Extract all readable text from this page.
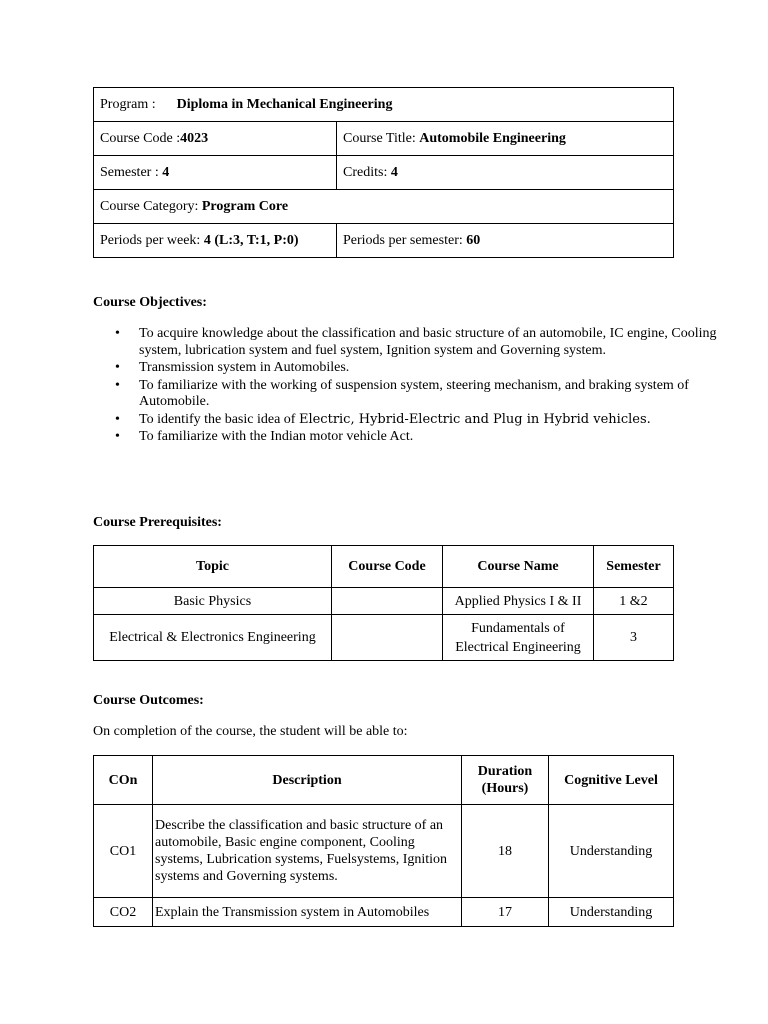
Program : Diploma in Mechanical Engineering	
Course Code :4023	Course Title: Automobile Engineering
Semester : 4	Credits: 4
Course Category: Program Core	
Periods per week: 4 (L:3, T:1, P:0)	Periods per semester: 60
Course Objectives:
• To acquire knowledge about the classification and basic structure of an automobile, IC engine, Cooling system, lubrication system and fuel system, Ignition system and Governing system.
• Transmission system in Automobiles.
• To familiarize with the working of suspension system, steering mechanism, and braking system of Automobile.
• To identify the basic idea of Electric, Hybrid-Electric and Plug in Hybrid vehicles.
• To familiarize with the Indian motor vehicle Act.
Course Prerequisites:
Topic	Course Code	Course Name	Semester
Basic Physics		Applied Physics I & II	1 &2
Electrical & Electronics Engineering		Fundamentals of Electrical Engineering	3
Course Outcomes:

On completion of the course, the student will be able to:

COn	Description	Duration (Hours)	Cognitive Level
CO1	Describe the classification and basic structure of an automobile, Basic engine component, Cooling systems, Lubrication systems, Fuelsystems, Ignition systems and Governing systems.	18	Understanding
CO2	Explain the Transmission system in Automobiles	17	Understanding
